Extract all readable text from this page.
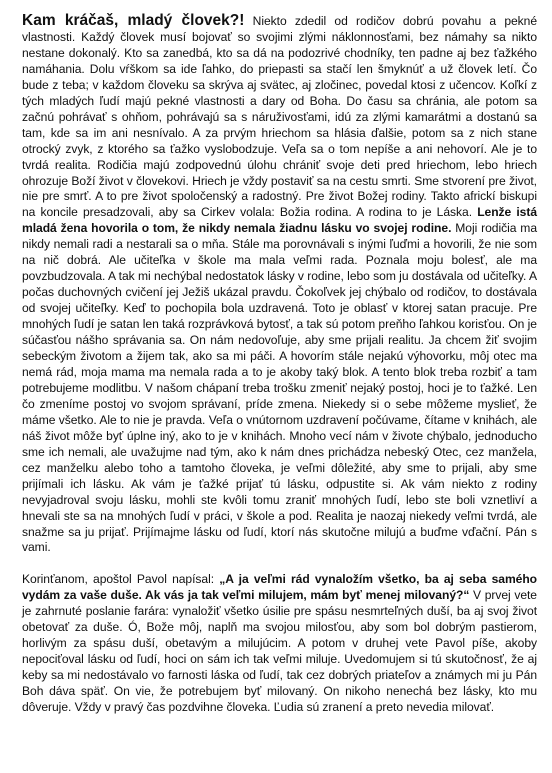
Kam kráčaš, mladý človek?! Niekto zdedil od rodičov dobrú povahu a pekné vlastnosti. Každý človek musí bojovať so svojimi zlými náklonnosťami, bez námahy sa nikto nestane dokonalý. Kto sa zanedbá, kto sa dá na podozrivé chodníky, ten padne aj bez ťažkého namáhania. Dolu vŕškom sa ide ľahko, do priepasti sa stačí len šmyknúť a už človek letí. Čo bude z teba; v každom človeku sa skrýva aj svätec, aj zločinec, povedal ktosi z učencov. Koľkí z tých mladých ľudí majú pekné vlastnosti a dary od Boha. Do času sa chránia, ale potom sa začnú pohrávať s ohňom, pohrávajú sa s náruživosťami, idú za zlými kamarátmi a dostanú sa tam, kde sa im ani nesnívalo. A za prvým hriechom sa hlásia ďalšie, potom sa z nich stane otrocký zvyk, z ktorého sa ťažko vyslobodzuje. Veľa sa o tom nepíše a ani nehovorí. Ale je to tvrdá realita. Rodičia majú zodpovednú úlohu chrániť svoje deti pred hriechom, lebo hriech ohrozuje Boží život v človekovi. Hriech je vždy postaviť sa na cestu smrti. Sme stvorení pre život, nie pre smrť. A to pre život spoločenský a radostný. Pre život Božej rodiny. Takto africkí biskupi na koncile presadzovali, aby sa Cirkev volala: Božia rodina. A rodina to je Láska. Lenže istá mladá žena hovorila o tom, že nikdy nemala žiadnu lásku vo svojej rodine. Moji rodičia ma nikdy nemali radi a nestarali sa o mňa. Stále ma porovnávali s inými ľuďmi a hovorili, že nie som na nič dobrá. Ale učiteľka v škole ma mala veľmi rada. Poznala moju bolesť, ale ma povzbudzovala. A tak mi nechýbal nedostatok lásky v rodine, lebo som ju dostávala od učiteľky. A počas duchovných cvičení jej Ježiš ukázal pravdu. Čokoľvek jej chýbalo od rodičov, to dostávala od svojej učiteľky. Keď to pochopila bola uzdravená. Toto je oblasť v ktorej satan pracuje. Pre mnohých ľudí je satan len taká rozprávková bytosť, a tak sú potom preňho ľahkou korisťou. On je súčasťou nášho správania sa. On nám nedovoľuje, aby sme prijali realitu. Ja chcem žiť svojim sebeckým životom a žijem tak, ako sa mi páči. A hovorím stále nejakú výhovorku, môj otec ma nemá rád, moja mama ma nemala rada a to je akoby taký blok. A tento blok treba rozbiť a tam potrebujeme modlitbu. V našom chápaní treba trošku zmeniť nejaký postoj, hoci je to ťažké. Len čo zmeníme postoj vo svojom správaní, príde zmena. Niekedy si o sebe môžeme myslieť, že máme všetko. Ale to nie je pravda. Veľa o vnútornom uzdravení počúvame, čítame v knihách, ale náš život môže byť úplne iný, ako to je v knihách. Mnoho vecí nám v živote chýbalo, jednoducho sme ich nemali, ale uvažujme nad tým, ako k nám dnes prichádza nebeský Otec, cez manžela, cez manželku alebo toho a tamtoho človeka, je veľmi dôležité, aby sme to prijali, aby sme prijímali ich lásku. Ak vám je ťažké prijať tú lásku, odpustite si. Ak vám niekto z rodiny nevyjadroval svoju lásku, mohli ste kvôli tomu zraniť mnohých ľudí, lebo ste boli vznetliví a hnevali ste sa na mnohých ľudí v práci, v škole a pod. Realita je naozaj niekedy veľmi tvrdá, ale snažme sa ju prijať. Prijímajme lásku od ľudí, ktorí nás skutočne milujú a buďme vďační. Pán s vami.

Korinťanom, apoštol Pavol napísal: „A ja veľmi rád vynaložím všetko, ba aj seba samého vydám za vaše duše. Ak vás ja tak veľmi milujem, mám byť menej milovaný?“ V prvej vete je zahrnuté poslanie farára: vynaložiť všetko úsilie pre spásu nesmrteľných duší, ba aj svoj život obetovať za duše. Ó, Bože môj, naplň ma svojou milosťou, aby som bol dobrým pastierom, horlivým za spásu duší, obetavým a milujúcim. A potom v druhej vete Pavol píše, akoby nepociťoval lásku od ľudí, hoci on sám ich tak veľmi miluje. Uvedomujem si tú skutočnosť, že aj keby sa mi nedostávalo vo farnosti láska od ľudí, tak cez dobrých priateľov a známych mi ju Pán Boh dáva späť. On vie, že potrebujem byť milovaný. On nikoho nenechá bez lásky, kto mu dôveruje. Vždy v pravý čas pozdvihne človeka. Ľudia sú zranení a preto nevedia milovať.
